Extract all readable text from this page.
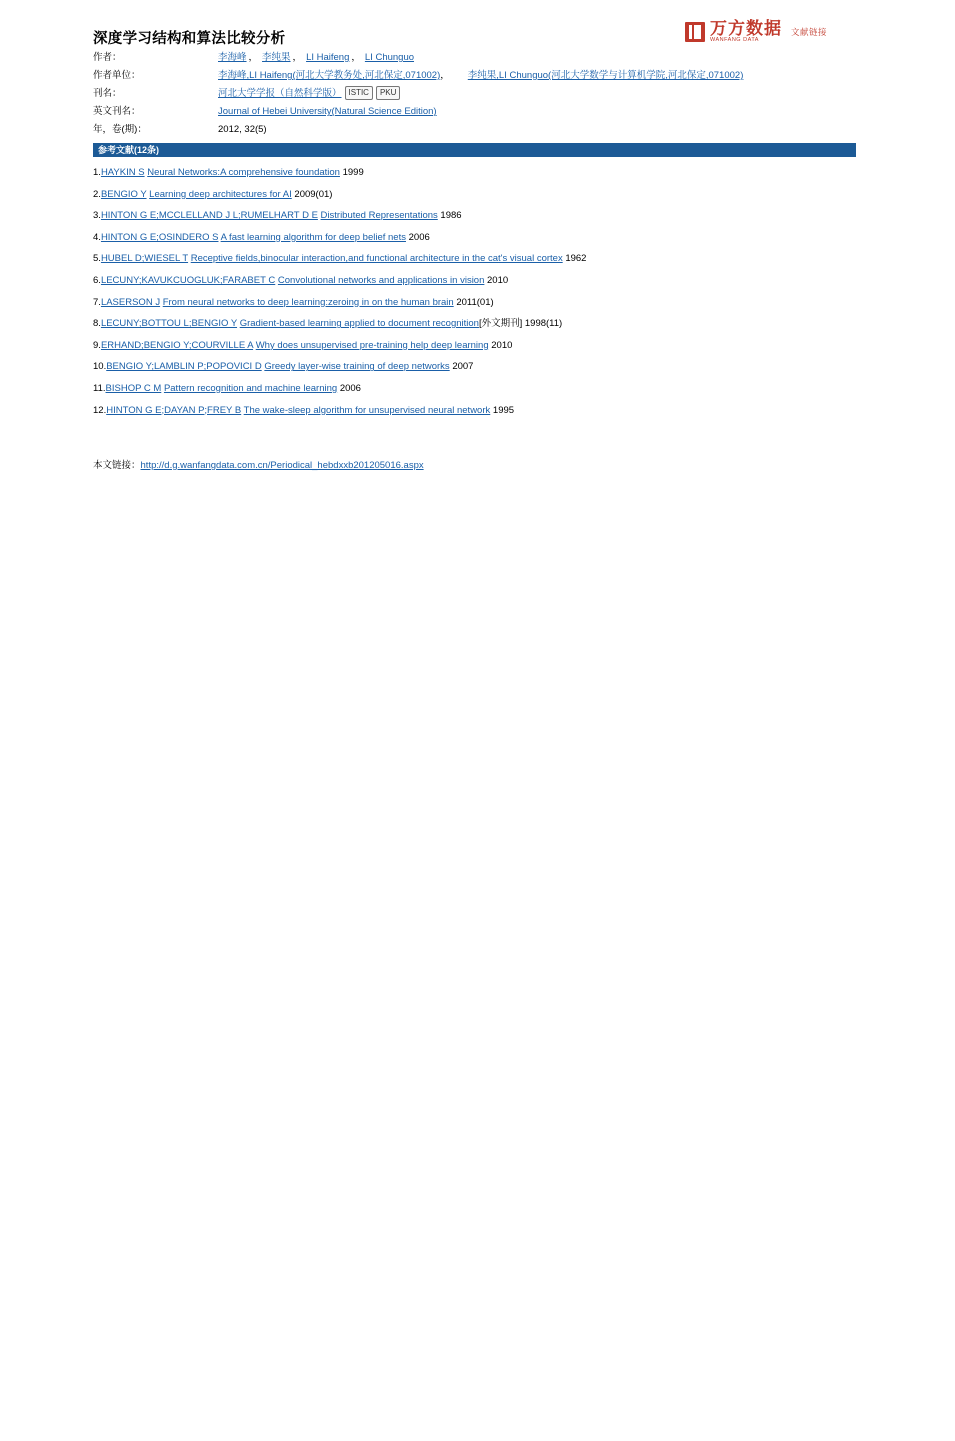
深度学习结构和算法比较分析
万方数据
WANFANG DATA
文献链接
作者：	李海峰 ， 李纯果 ， LI Haifeng ， LI Chunguo
作者单位：	李海峰,LI Haifeng(河北大学教务处,河北保定,071002)， 李纯果,LI Chunguo(河北大学数学与计算机学院,河北保定,071002)
刊名：	河北大学学报（自然科学版） ISTIC PKU
英文刊名：	Journal of Hebei University(Natural Science Edition)
年，卷(期)：	2012, 32(5)
参考文献(12条)
1.HAYKIN S Neural Networks:A comprehensive foundation 1999
2.BENGIO Y Learning deep architectures for AI 2009(01)
3.HINTON G E;MCCLELLAND J L;RUMELHART D E Distributed Representations 1986
4.HINTON G E;OSINDERO S A fast learning algorithm for deep belief nets 2006
5.HUBEL D;WIESEL T Receptive fields,binocular interaction,and functional architecture in the cat's visual cortex 1962
6.LECUNY;KAVUKCUOGLUK;FARABET C Convolutional networks and applications in vision 2010
7.LASERSON J From neural networks to deep learning:zeroing in on the human brain 2011(01)
8.LECUNY;BOTTOU L;BENGIO Y Gradient-based learning applied to document recognition[外文期刊] 1998(11)
9.ERHAND;BENGIO Y;COURVILLE A Why does unsupervised pre-training help deep learning 2010
10.BENGIO Y;LAMBLIN P;POPOVICI D Greedy layer-wise training of deep networks 2007
11.BISHOP C M Pattern recognition and machine learning 2006
12.HINTON G E;DAYAN P;FREY B The wake-sleep algorithm for unsupervised neural network 1995
本文链接：http://d.g.wanfangdata.com.cn/Periodical_hebdxxb201205016.aspx
